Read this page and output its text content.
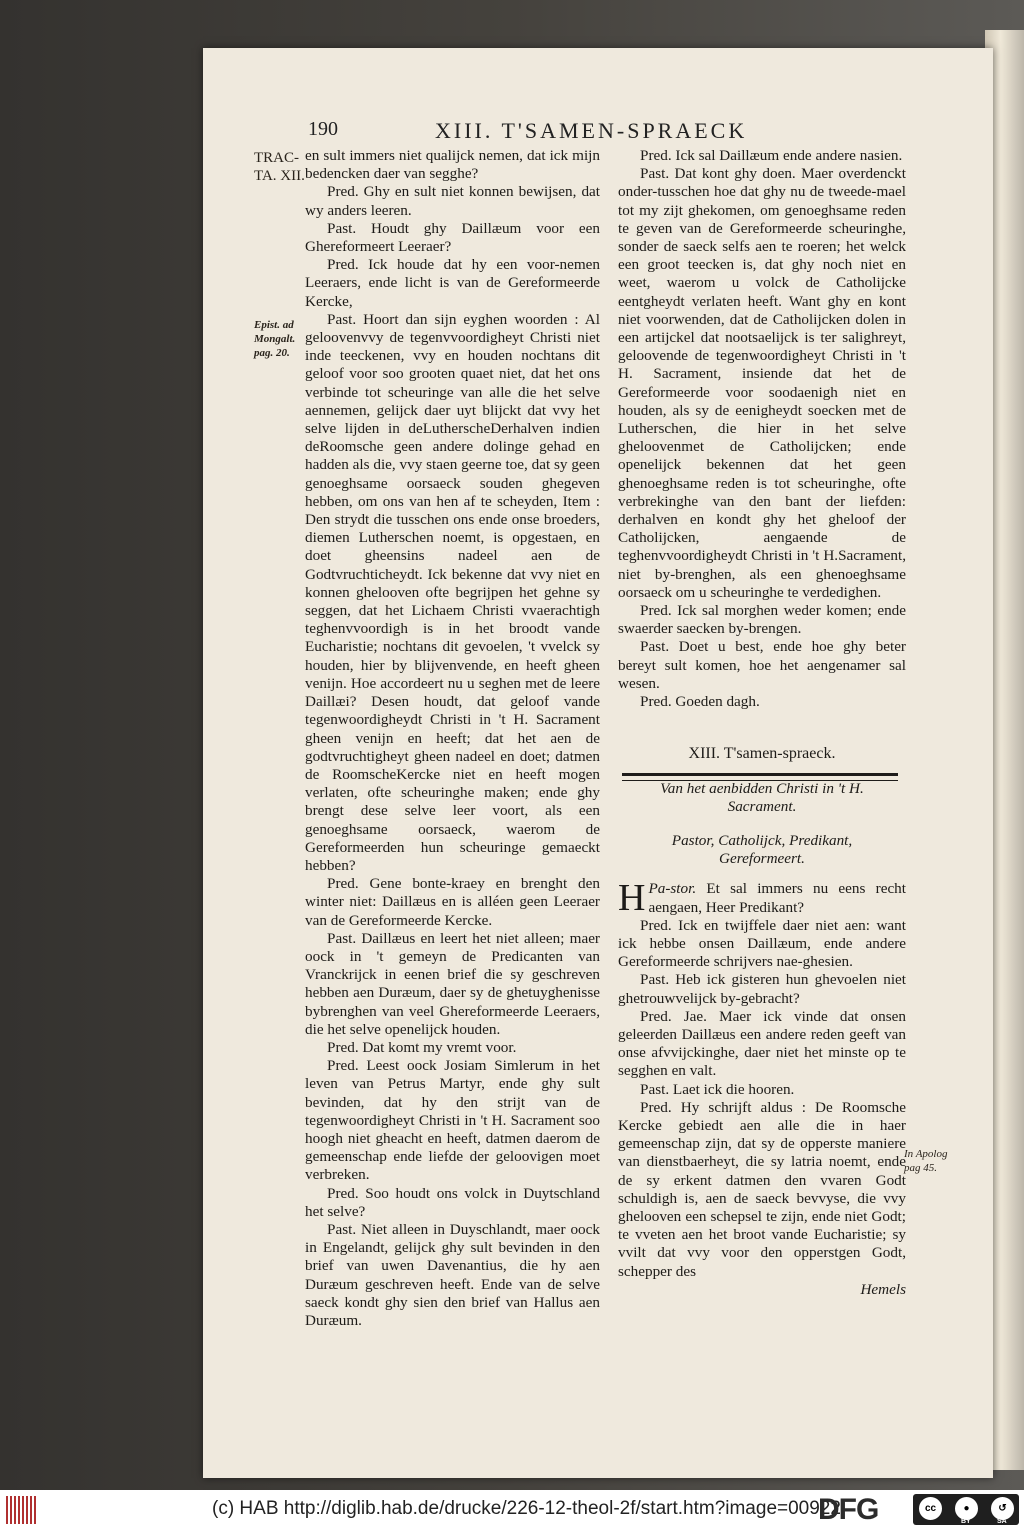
190	XIII. T'SAMEN-SPRAECK
TRAC-
TA. XII.
Epist. ad
Mongalt.
pag. 20.
In Apolog
pag 45.

en sult immers niet qualijck nemen, dat ick mijn bedencken daer van segghe?

Pred. Ghy en sult niet konnen bewijsen, dat wy anders leeren.

Past. Houdt ghy Daillæum voor een Ghereformeert Leeraer?

Pred. Ick houde dat hy een voor-nemen Leeraers, ende licht is van de Gereformeerde Kercke,

Past. Hoort dan sijn eyghen woorden : Al geloovenvvy de tegenvvoordigheyt Christi niet inde teeckenen, vvy en houden nochtans dit geloof voor soo grooten quaet niet, dat het ons verbinde tot scheuringe van alle die het selve aennemen, gelijck daer uyt blijckt dat vvy het selve lijden in deLutherscheDerhalven indien deRoomsche geen andere dolinge gehad en hadden als die, vvy staen geerne toe, dat sy geen genoeghsame oorsaeck souden ghegeven hebben, om ons van hen af te scheyden, Item : Den strydt die tusschen ons ende onse broeders, diemen Lutherschen noemt, is opgestaen, en doet gheensins nadeel aen de Godtvruchticheydt. Ick bekenne dat vvy niet en konnen ghelooven ofte begrijpen het gehne sy seggen, dat het Lichaem Christi vvaerachtigh teghenvvoordigh is in het broodt vande Eucharistie; nochtans dit gevoelen, 't vvelck sy houden, hier by blijvenvende, en heeft gheen venijn. Hoe accordeert nu u seghen met de leere Daillæi? Desen houdt, dat geloof vande tegenwoordigheydt Christi in 't H. Sacrament gheen venijn en heeft; dat het aen de godtvruchtigheyt gheen nadeel en doet; datmen de RoomscheKercke niet en heeft mogen verlaten, ofte scheuringhe maken; ende ghy brengt dese selve leer voort, als een genoeghsame oorsaeck, waerom de Gereformeerden hun scheuringe gemaeckt hebben?

Pred. Gene bonte-kraey en brenght den winter niet: Daillæus en is alléen geen Leeraer van de Gereformeerde Kercke.

Past. Daillæus en leert het niet alleen; maer oock in 't gemeyn de Predicanten van Vranckrijck in eenen brief die sy geschreven hebben aen Duræum, daer sy de ghetuyghenisse bybrenghen van veel Ghereformeerde Leeraers, die het selve openelijck houden.

Pred. Dat komt my vremt voor.

Pred. Leest oock Josiam Simlerum in het leven van Petrus Martyr, ende ghy sult bevinden, dat hy den strijt van de tegenwoordigheyt Christi in 't H. Sacrament soo hoogh niet gheacht en heeft, datmen daerom de gemeenschap ende liefde der geloovigen moet verbreken.

Pred. Soo houdt ons volck in Duytschland het selve?

Past. Niet alleen in Duyschlandt, maer oock in Engelandt, gelijck ghy sult bevinden in den brief van uwen Davenantius, die hy aen Duræum geschreven heeft. Ende van de selve saeck kondt ghy sien den brief van Hallus aen Duræum.

Pred. Ick sal Daillæum ende andere nasien.

Past. Dat kont ghy doen. Maer overdenckt onder-tusschen hoe dat ghy nu de tweede-mael tot my zijt ghekomen, om genoeghsame reden te geven van de Gereformeerde scheuringhe, sonder de saeck selfs aen te roeren; het welck een groot teecken is, dat ghy noch niet en weet, waerom u volck de Catholijcke eentgheydt verlaten heeft. Want ghy en kont niet voorwenden, dat de Catholijcken dolen in een artijckel dat nootsaelijck is ter salighreyt, geloovende de tegenwoordigheyt Christi in 't H. Sacrament, insiende dat het de Gereformeerde voor soodaenigh niet en houden, als sy de eenigheydt soecken met de Lutherschen, die hier in het selve gheloovenmet de Catholijcken; ende openelijck bekennen dat het geen ghenoeghsame reden is tot scheuringhe, ofte verbrekinghe van den bant der liefden: derhalven en kondt ghy het gheloof der Catholijcken, aengaende de teghenvvoordigheydt Christi in 't H.Sacrament, niet by-brenghen, als een ghenoeghsame oorsaeck om u scheuringhe te verdedighen.

Pred. Ick sal morghen weder komen; ende swaerder saecken by-brengen.

Past. Doet u best, ende hoe ghy beter bereyt sult komen, hoe het aengenamer sal wesen.

Pred. Goeden dagh.

XIII. T'samen-spraeck.

Van het aenbidden Christi in 't H. Sacrament.

Pastor, Catholijck, Predikant, Gereformeert.

Pa-stor.
H	Et sal immers nu eens recht aengaen, Heer Predikant?

Pred. Ick en twijffele daer niet aen: want ick hebbe onsen Daillæum, ende andere Gereformeerde schrijvers nae-ghesien.

Past. Heb ick gisteren hun ghevoelen niet ghetrouwvelijck by-gebracht?

Pred. Jae. Maer ick vinde dat onsen geleerden Daillæus een andere reden geeft van onse afvvijckinghe, daer niet het minste op te segghen en valt.

Past. Laet ick die hooren.

Pred. Hy schrijft aldus : De Roomsche Kercke gebiedt aen alle die in haer gemeenschap zijn, dat sy de opperste maniere van dienstbaerheyt, die sy latria noemt, ende de sy erkent datmen den vvaren Godt schuldigh is, aen de saeck bevvyse, die vvy ghelooven een schepsel te zijn, ende niet Godt; te vveten aen het broot vande Eucharistie; sy vvilt dat vvy voor den opperstgen Godt, schepper des

Hemels

(c) HAB http://diglib.hab.de/drucke/226-12-theol-2f/start.htm?image=00922
DFG	cc	●	↺
BY	SA
